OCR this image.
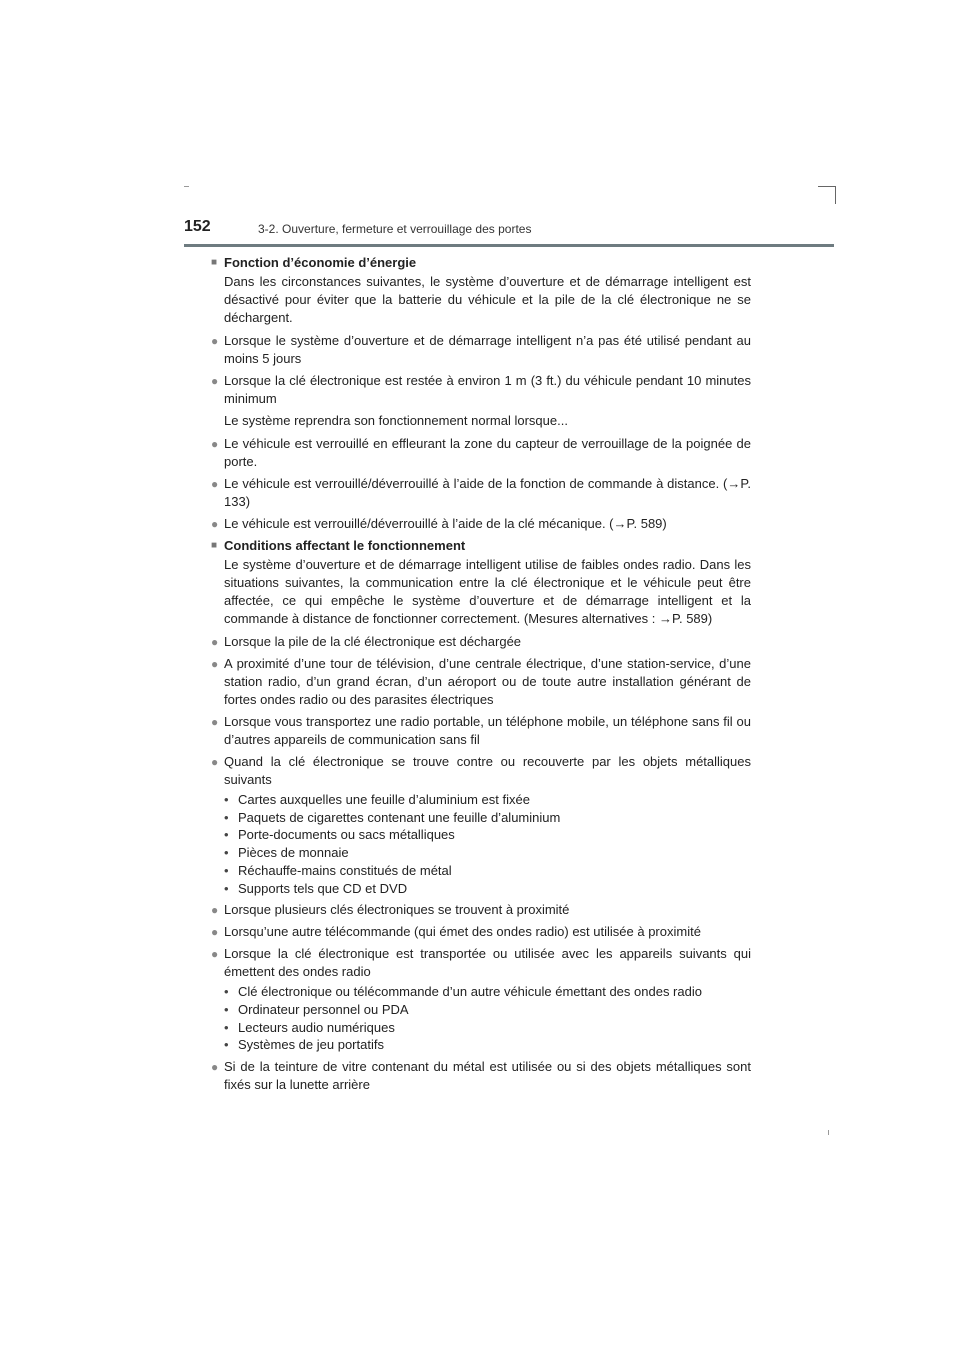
152	3-2. Ouverture, fermeture et verrouillage des portes
■ Fonction d’économie d’énergie
Dans les circonstances suivantes, le système d’ouverture et de démarrage intelligent est désactivé pour éviter que la batterie du véhicule et la pile de la clé électronique ne se déchargent.
● Lorsque le système d’ouverture et de démarrage intelligent n’a pas été utilisé pendant au moins 5 jours
● Lorsque la clé électronique est restée à environ 1 m (3 ft.) du véhicule pendant 10 minutes minimum
Le système reprendra son fonctionnement normal lorsque...
● Le véhicule est verrouillé en effleurant la zone du capteur de verrouillage de la poignée de porte.
● Le véhicule est verrouillé/déverrouillé à l’aide de la fonction de commande à distance. (→P. 133)
● Le véhicule est verrouillé/déverrouillé à l’aide de la clé mécanique. (→P. 589)
■ Conditions affectant le fonctionnement
Le système d’ouverture et de démarrage intelligent utilise de faibles ondes radio. Dans les situations suivantes, la communication entre la clé électronique et le véhicule peut être affectée, ce qui empêche le système d’ouverture et de démarrage intelligent et la commande à distance de fonctionner correctement. (Mesures alternatives : →P. 589)
● Lorsque la pile de la clé électronique est déchargée
● A proximité d’une tour de télévision, d’une centrale électrique, d’une station-service, d’une station radio, d’un grand écran, d’un aéroport ou de toute autre installation générant de fortes ondes radio ou des parasites électriques
● Lorsque vous transportez une radio portable, un téléphone mobile, un téléphone sans fil ou d’autres appareils de communication sans fil
● Quand la clé électronique se trouve contre ou recouverte par les objets métalliques suivants
• Cartes auxquelles une feuille d’aluminium est fixée
• Paquets de cigarettes contenant une feuille d’aluminium
• Porte-documents ou sacs métalliques
• Pièces de monnaie
• Réchauffe-mains constitués de métal
• Supports tels que CD et DVD
● Lorsque plusieurs clés électroniques se trouvent à proximité
● Lorsqu’une autre télécommande (qui émet des ondes radio) est utilisée à proximité
● Lorsque la clé électronique est transportée ou utilisée avec les appareils suivants qui émettent des ondes radio
• Clé électronique ou télécommande d’un autre véhicule émettant des ondes radio
• Ordinateur personnel ou PDA
• Lecteurs audio numériques
• Systèmes de jeu portatifs
● Si de la teinture de vitre contenant du métal est utilisée ou si des objets métalliques sont fixés sur la lunette arrière
